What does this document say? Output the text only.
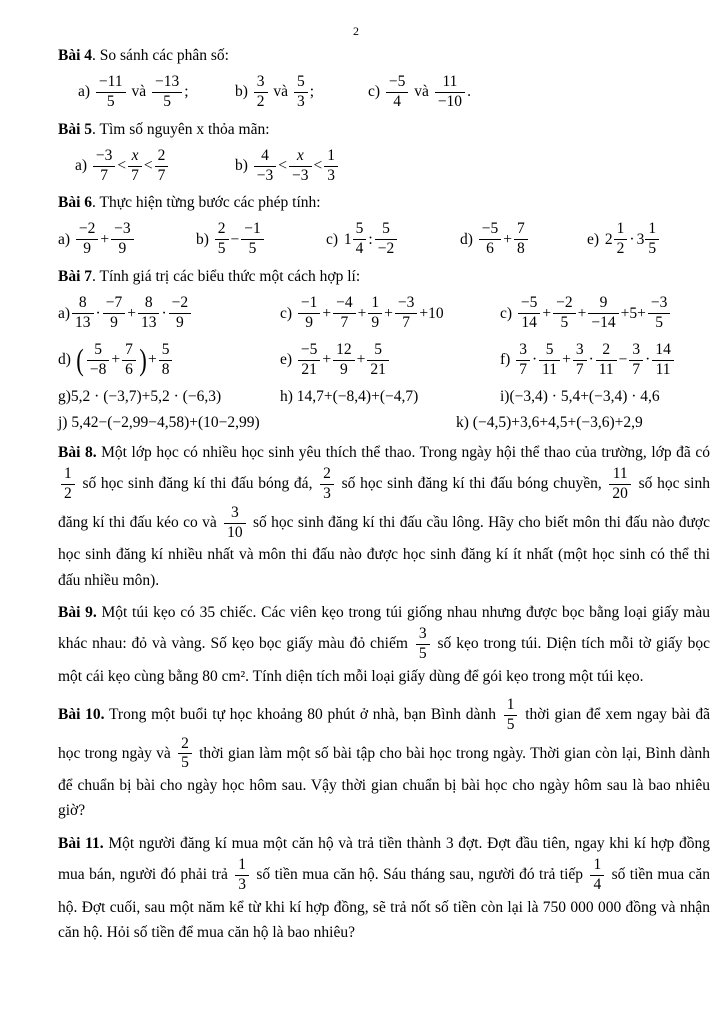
2

Bài 4. So sánh các phân số:

$a) \frac{-11}{5}$ và $\frac{-13}{5}$ ;	$b) \frac{3}{2}$ và $\frac{5}{3}$ ;	$c) \frac{-5}{4}$ và $\frac{11}{-10}$ .

Bài 5. Tìm số nguyên x thỏa mãn:

$a) \frac{-3}{7} < \frac{x}{7} < \frac{2}{7}$	$b) \frac{4}{-3} < \frac{x}{-3} < \frac{1}{3}$

Bài 6. Thực hiện từng bước các phép tính:

$a) \frac{-2}{9} + \frac{-3}{9}$	$b) \frac{2}{5} - \frac{-1}{5}$	c) $1 \frac{5}{4}$ : $\frac{5}{-2}$	$d) \frac{-5}{6} + \frac{7}{8}$	e) $2 \frac{1}{2} \cdot 3 \frac{1}{5}$

Bài 7. Tính giá trị các biểu thức một cách hợp lí:

$a) \frac{8}{13} \cdot \frac{-7}{9} + \frac{8}{13} \cdot \frac{-2}{9}$	$c) \frac{-1}{9} + \frac{-4}{7} + \frac{1}{9} + \frac{-3}{7} +10$	$c) \frac{-5}{14} + \frac{-2}{5} + \frac{9}{-14} +5+ \frac{-3}{5}$
d) ( $\frac{5}{-8} + \frac{7}{6}$ ) + $\frac{5}{8}$	$e) \frac{-5}{21} + \frac{12}{9} + \frac{5}{21}$	$f) \frac{3}{7} \cdot \frac{5}{11} + \frac{3}{7} \cdot \frac{2}{11} - \frac{3}{7} \cdot \frac{14}{11}$
g)5,2 · (−3,7)+5,2 · (−6,3)	h) 14,7+(−8,4)+(−4,7)	i)(−3,4) · 5,4+(−3,4) · 4,6
j) 5,42−(−2,99−4,58)+(10−2,99)	k) (−4,5)+3,6+4,5+(−3,6)+2,9

Bài 8. Một lớp học có nhiều học sinh yêu thích thể thao. Trong ngày hội thể thao của trường, lớp đã có
$\frac{1}{2}$ số học sinh đăng kí thi đấu bóng đá, $\frac{2}{3}$ số học sinh đăng kí thi đấu bóng chuyền, $\frac{11}{20}$ số học sinh đăng kí thi đấu kéo co và $\frac{3}{10}$ số học sinh đăng kí thi đấu cầu lông. Hãy cho biết môn thi đấu nào được học sinh đăng kí nhiều nhất và môn thi đấu nào được học sinh đăng kí ít nhất (một học sinh có thể thi đấu nhiều môn).

Bài 9. Một túi kẹo có 35 chiếc. Các viên kẹo trong túi giống nhau nhưng được bọc bằng loại giấy màu khác nhau: đỏ và vàng. Số kẹo bọc giấy màu đỏ chiếm $\frac{3}{5}$ số kẹo trong túi. Diện tích mỗi tờ giấy bọc một cái kẹo cùng bằng 80 cm². Tính diện tích mỗi loại giấy dùng để gói kẹo trong một túi kẹo.

Bài 10. Trong một buổi tự học khoảng 80 phút ở nhà, bạn Bình dành $\frac{1}{5}$ thời gian để xem ngay bài đã học trong ngày và $\frac{2}{5}$ thời gian làm một số bài tập cho bài học trong ngày. Thời gian còn lại, Bình dành để chuẩn bị bài cho ngày học hôm sau. Vậy thời gian chuẩn bị bài học cho ngày hôm sau là bao nhiêu giờ?

Bài 11. Một người đăng kí mua một căn hộ và trả tiền thành 3 đợt. Đợt đầu tiên, ngay khi kí hợp đồng mua bán, người đó phải trả $\frac{1}{3}$ số tiền mua căn hộ. Sáu tháng sau, người đó trả tiếp $\frac{1}{4}$ số tiền mua căn hộ. Đợt cuối, sau một năm kể từ khi kí hợp đồng, sẽ trả nốt số tiền còn lại là 750 000 000 đồng và nhận căn hộ. Hỏi số tiền để mua căn hộ là bao nhiêu?
